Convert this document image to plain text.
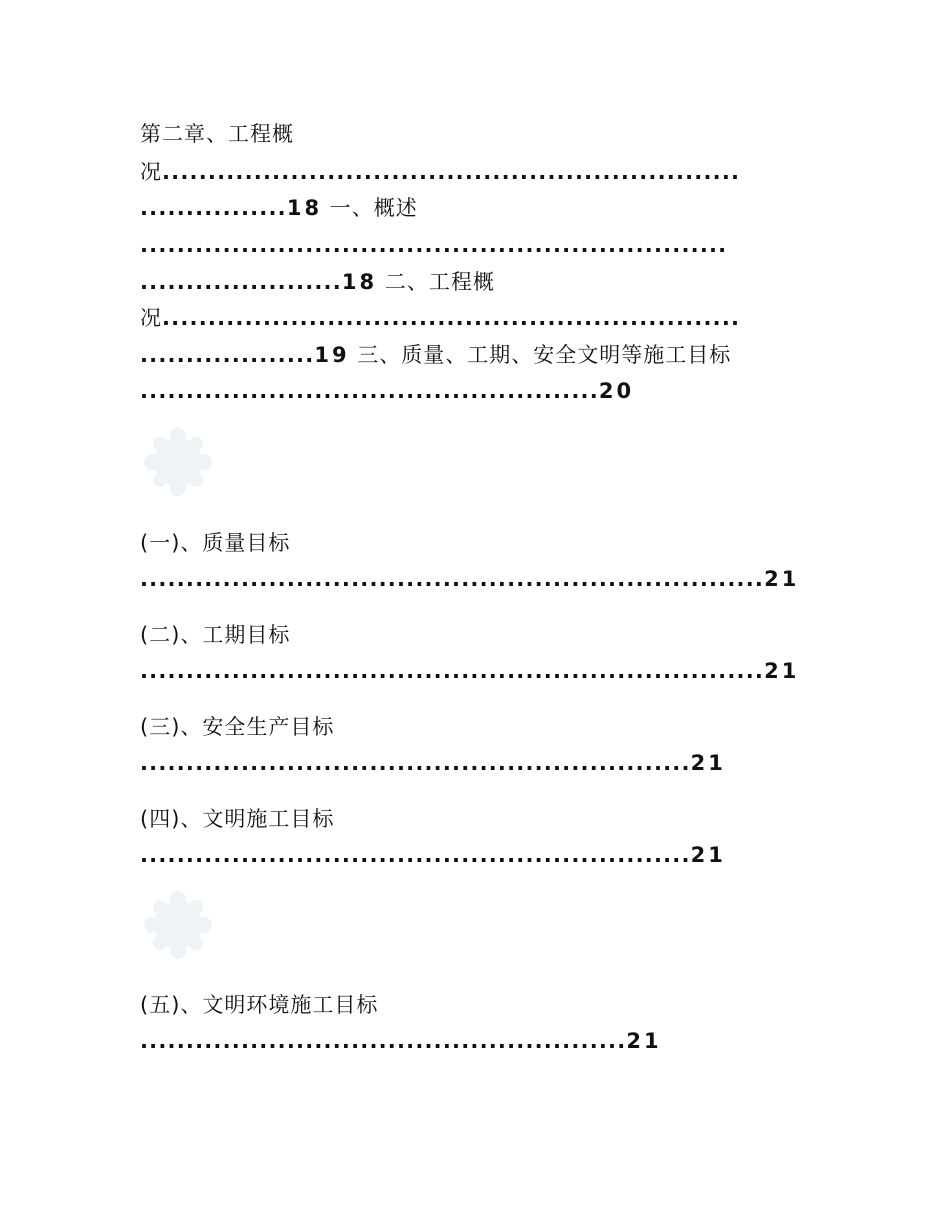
第二章、工程概
况...............................................................
................18 一、概述
................................................................
......................18 二、工程概
况...............................................................
...................19 三、质量、工期、安全文明等施工目标
..................................................20
(一)、质量目标
....................................................................21
(二)、工期目标
....................................................................21
(三)、安全生产目标
............................................................21
(四)、文明施工目标
............................................................21
(五)、文明环境施工目标
.....................................................21
